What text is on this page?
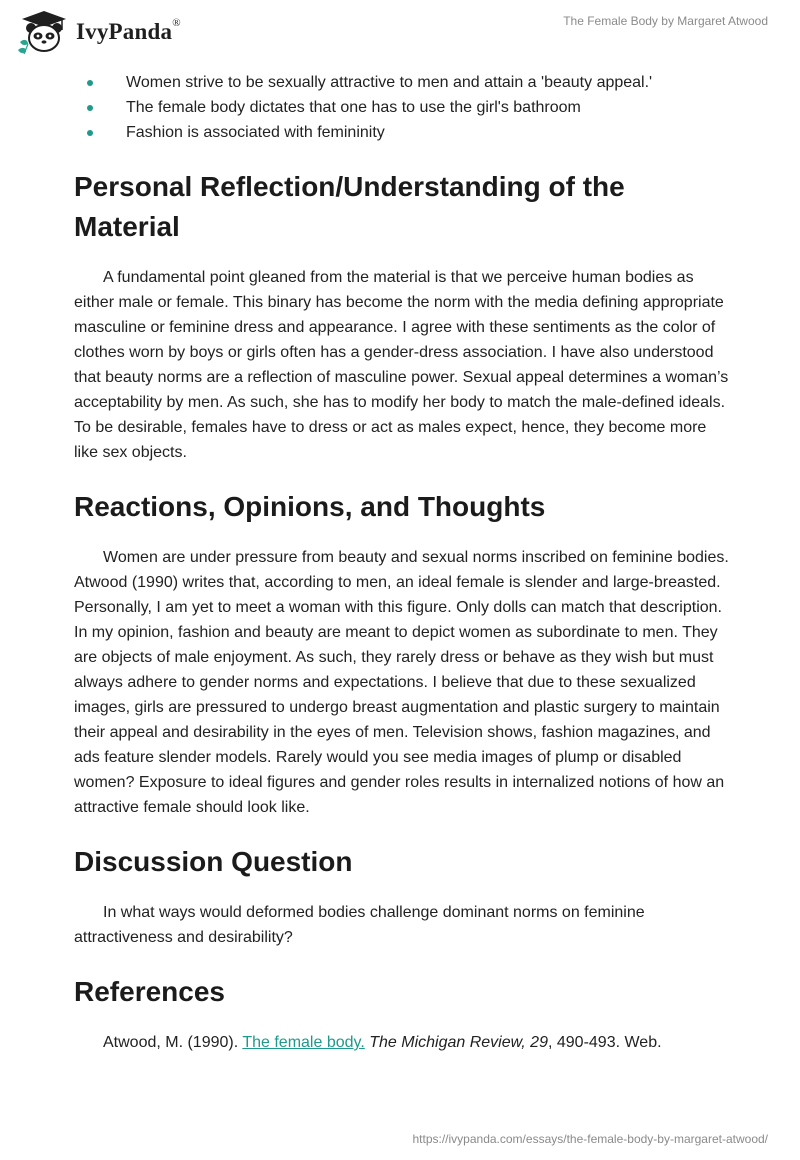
IvyPanda®	The Female Body by Margaret Atwood
Women strive to be sexually attractive to men and attain a 'beauty appeal.'
The female body dictates that one has to use the girl's bathroom
Fashion is associated with femininity
Personal Reflection/Understanding of the Material

A fundamental point gleaned from the material is that we perceive human bodies as either male or female. This binary has become the norm with the media defining appropriate masculine or feminine dress and appearance. I agree with these sentiments as the color of clothes worn by boys or girls often has a gender-dress association. I have also understood that beauty norms are a reflection of masculine power. Sexual appeal determines a woman’s acceptability by men. As such, she has to modify her body to match the male-defined ideals. To be desirable, females have to dress or act as males expect, hence, they become more like sex objects.

Reactions, Opinions, and Thoughts

Women are under pressure from beauty and sexual norms inscribed on feminine bodies. Atwood (1990) writes that, according to men, an ideal female is slender and large-breasted. Personally, I am yet to meet a woman with this figure. Only dolls can match that description. In my opinion, fashion and beauty are meant to depict women as subordinate to men. They are objects of male enjoyment. As such, they rarely dress or behave as they wish but must always adhere to gender norms and expectations. I believe that due to these sexualized images, girls are pressured to undergo breast augmentation and plastic surgery to maintain their appeal and desirability in the eyes of men. Television shows, fashion magazines, and ads feature slender models. Rarely would you see media images of plump or disabled women? Exposure to ideal figures and gender roles results in internalized notions of how an attractive female should look like.

Discussion Question

In what ways would deformed bodies challenge dominant norms on feminine attractiveness and desirability?

References

Atwood, M. (1990). The female body. The Michigan Review, 29, 490-493. Web.

https://ivypanda.com/essays/the-female-body-by-margaret-atwood/
